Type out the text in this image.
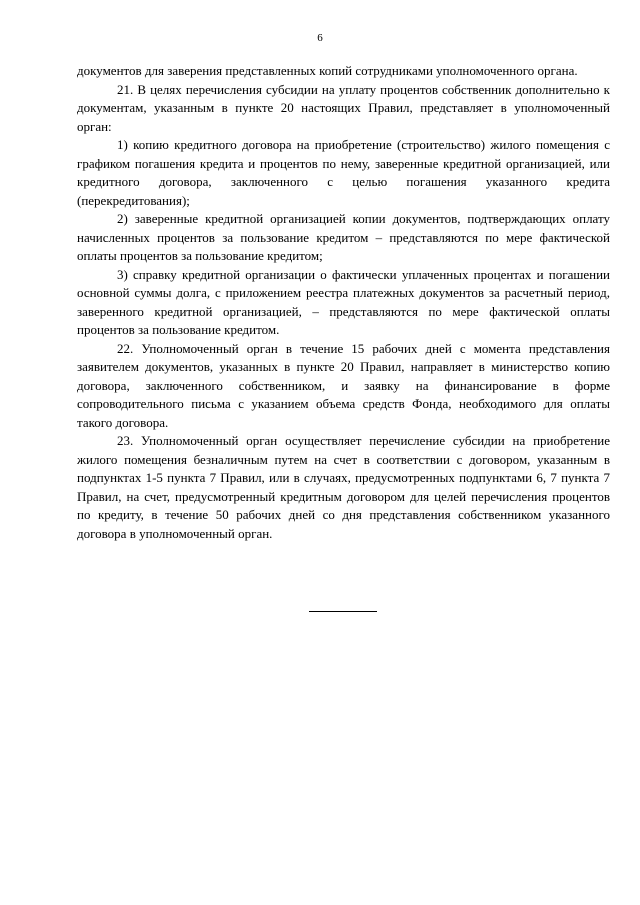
6

документов для заверения представленных копий сотрудниками уполномоченного органа.

21. В целях перечисления субсидии на уплату процентов собственник дополнительно к документам, указанным в пункте 20 настоящих Правил, представляет в уполномоченный орган:

1) копию кредитного договора на приобретение (строительство) жилого помещения с графиком погашения кредита и процентов по нему, заверенные кредитной организацией, или кредитного договора, заключенного с целью погашения указанного кредита (перекредитования);

2) заверенные кредитной организацией копии документов, подтверждающих оплату начисленных процентов за пользование кредитом – представляются по мере фактической оплаты процентов за пользование кредитом;

3) справку кредитной организации о фактически уплаченных процентах и погашении основной суммы долга, с приложением реестра платежных документов за расчетный период, заверенного кредитной организацией, – представляются по мере фактической оплаты процентов за пользование кредитом.

22. Уполномоченный орган в течение 15 рабочих дней с момента представления заявителем документов, указанных в пункте 20 Правил, направляет в министерство копию договора, заключенного собственником, и заявку на финансирование в форме сопроводительного письма с указанием объема средств Фонда, необходимого для оплаты такого договора.

23. Уполномоченный орган осуществляет перечисление субсидии на приобретение жилого помещения безналичным путем на счет в соответствии с договором, указанным в подпунктах 1-5 пункта 7 Правил, или в случаях, предусмотренных подпунктами 6, 7 пункта 7 Правил, на счет, предусмотренный кредитным договором для целей перечисления процентов по кредиту, в течение 50 рабочих дней со дня представления собственником указанного договора в уполномоченный орган.
